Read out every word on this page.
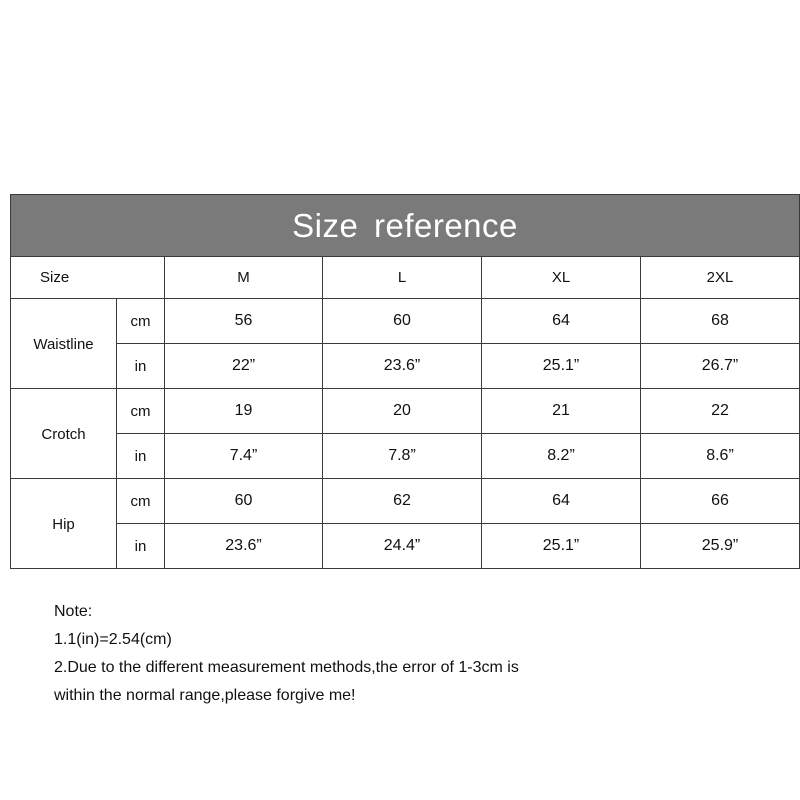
Size reference					
Size		M	L	XL	2XL
Waistline	cm	56	60	64	68
	in	22”	23.6”	25.1”	26.7”
Crotch	cm	19	20	21	22
	in	7.4”	7.8”	8.2”	8.6”
Hip	cm	60	62	64	66
	in	23.6”	24.4”	25.1”	25.9”

Note:

1.1(in)=2.54(cm)

2.Due to the different measurement methods,the error of 1-3cm is

within the normal range,please forgive me!
